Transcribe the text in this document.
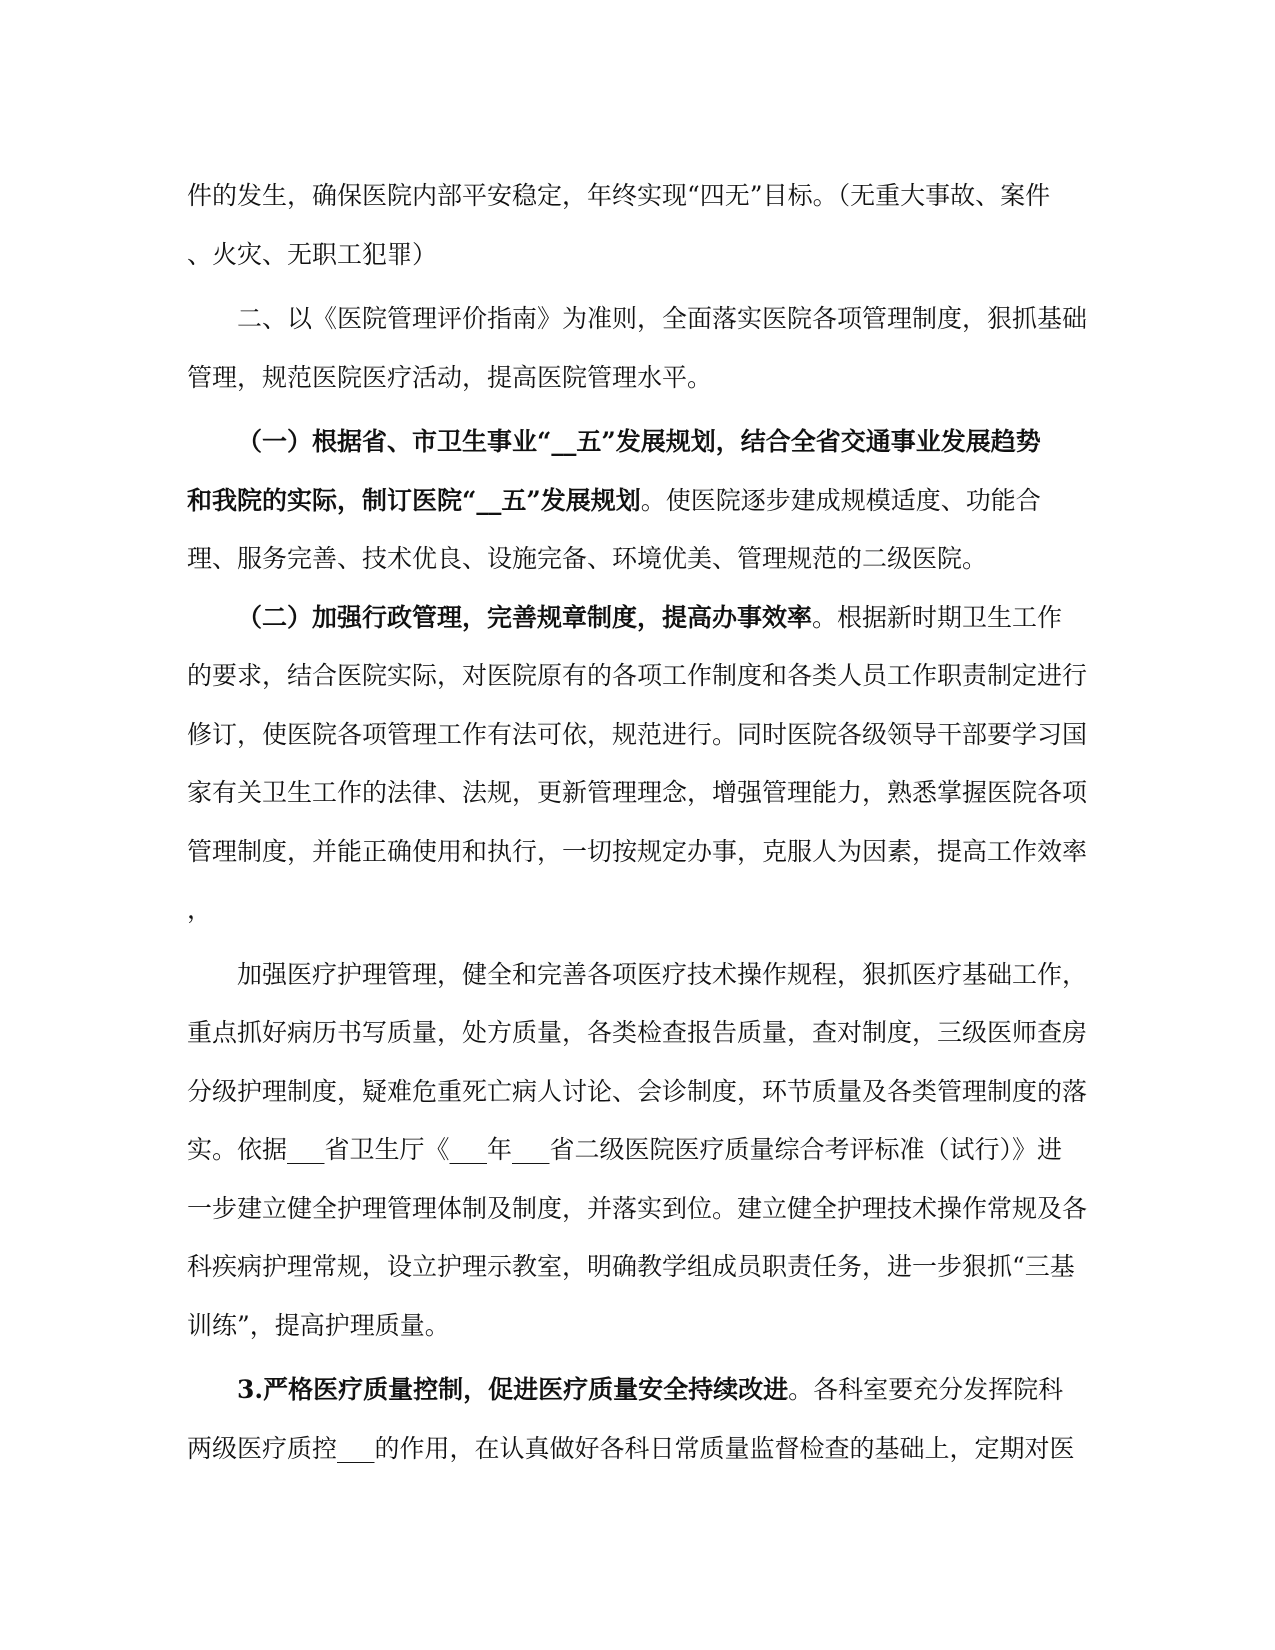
件的发生，确保医院内部平安稳定，年终实现“四无”目标。（无重大事故、案件
、火灾、无职工犯罪）
二、以《医院管理评价指南》为准则，全面落实医院各项管理制度，狠抓基础
管理，规范医院医疗活动，提高医院管理水平。
（一）根据省、市卫生事业“__五”发展规划，结合全省交通事业发展趋势
和我院的实际，制订医院“__五”发展规划。使医院逐步建成规模适度、功能合
理、服务完善、技术优良、设施完备、环境优美、管理规范的二级医院。
（二）加强行政管理，完善规章制度，提高办事效率。根据新时期卫生工作
的要求，结合医院实际，对医院原有的各项工作制度和各类人员工作职责制定进行
修订，使医院各项管理工作有法可依，规范进行。同时医院各级领导干部要学习国
家有关卫生工作的法律、法规，更新管理理念，增强管理能力，熟悉掌握医院各项
管理制度，并能正确使用和执行，一切按规定办事，克服人为因素，提高工作效率
，
加强医疗护理管理，健全和完善各项医疗技术操作规程，狠抓医疗基础工作，
重点抓好病历书写质量，处方质量，各类检查报告质量，查对制度，三级医师查房
分级护理制度，疑难危重死亡病人讨论、会诊制度，环节质量及各类管理制度的落
实。依据___省卫生厅《___年___省二级医院医疗质量综合考评标准（试行）》进
一步建立健全护理管理体制及制度，并落实到位。建立健全护理技术操作常规及各
科疾病护理常规，设立护理示教室，明确教学组成员职责任务，进一步狠抓“三基
训练”，提高护理质量。
3.严格医疗质量控制，促进医疗质量安全持续改进。各科室要充分发挥院科
两级医疗质控___的作用，在认真做好各科日常质量监督检查的基础上，定期对医
